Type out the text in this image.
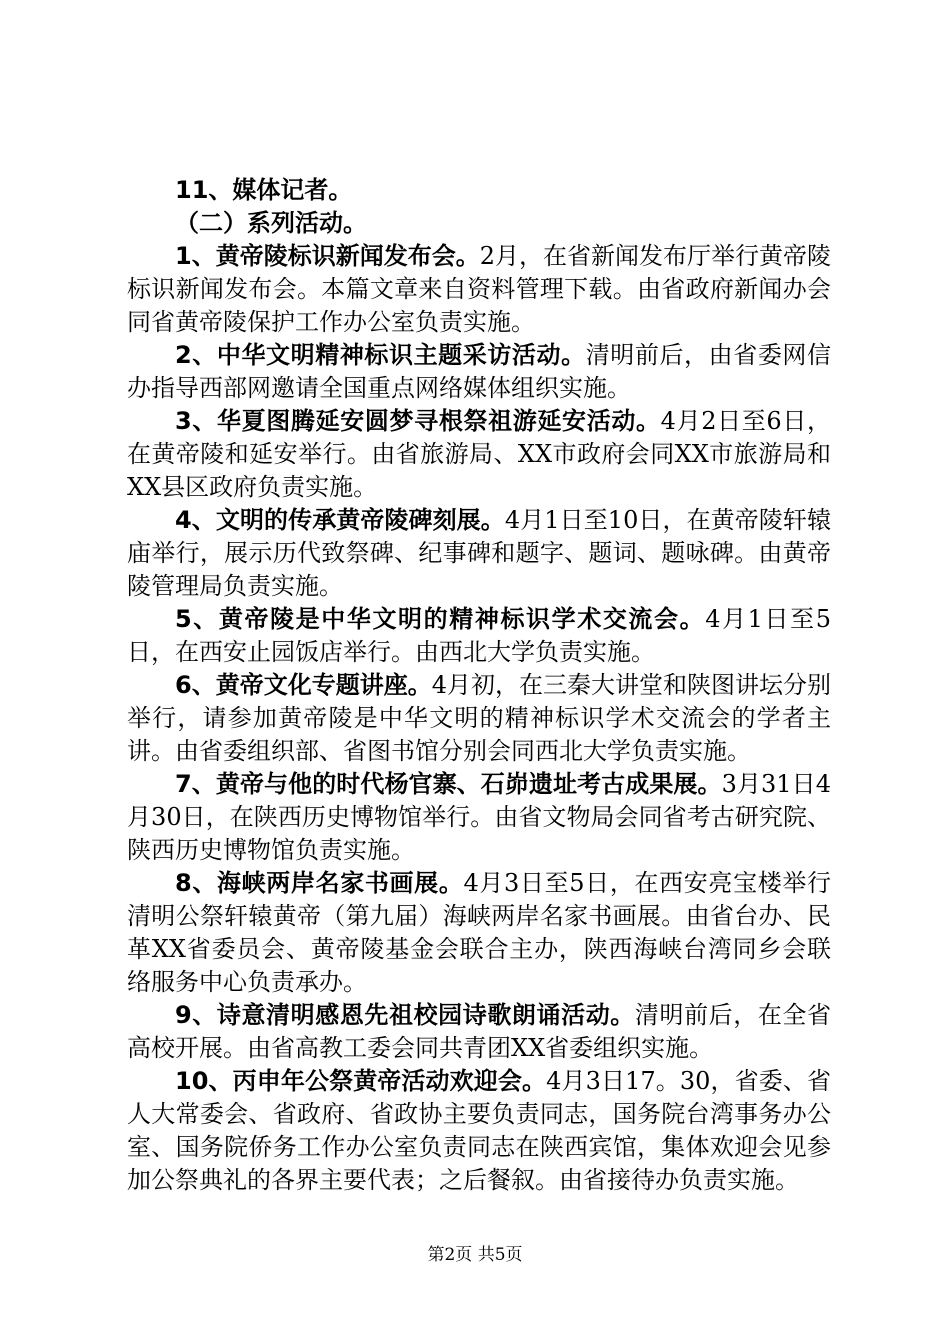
11、媒体记者。

（二）系列活动。

1、黄帝陵标识新闻发布会。2月，在省新闻发布厅举行黄帝陵标识新闻发布会。本篇文章来自资料管理下载。由省政府新闻办会同省黄帝陵保护工作办公室负责实施。

2、中华文明精神标识主题采访活动。清明前后，由省委网信办指导西部网邀请全国重点网络媒体组织实施。

3、华夏图腾延安圆梦寻根祭祖游延安活动。4月2日至6日，在黄帝陵和延安举行。由省旅游局、XX市政府会同XX市旅游局和XX县区政府负责实施。

4、文明的传承黄帝陵碑刻展。4月1日至10日，在黄帝陵轩辕庙举行，展示历代致祭碑、纪事碑和题字、题词、题咏碑。由黄帝陵管理局负责实施。

5、黄帝陵是中华文明的精神标识学术交流会。4月1日至5日，在西安止园饭店举行。由西北大学负责实施。

6、黄帝文化专题讲座。4月初，在三秦大讲堂和陕图讲坛分别举行，请参加黄帝陵是中华文明的精神标识学术交流会的学者主讲。由省委组织部、省图书馆分别会同西北大学负责实施。

7、黄帝与他的时代杨官寨、石峁遗址考古成果展。3月31日4月30日，在陕西历史博物馆举行。由省文物局会同省考古研究院、陕西历史博物馆负责实施。

8、海峡两岸名家书画展。4月3日至5日，在西安亮宝楼举行清明公祭轩辕黄帝（第九届）海峡两岸名家书画展。由省台办、民革XX省委员会、黄帝陵基金会联合主办，陕西海峡台湾同乡会联络服务中心负责承办。

9、诗意清明感恩先祖校园诗歌朗诵活动。清明前后，在全省高校开展。由省高教工委会同共青团XX省委组织实施。

10、丙申年公祭黄帝活动欢迎会。4月3日17。30，省委、省人大常委会、省政府、省政协主要负责同志，国务院台湾事务办公室、国务院侨务工作办公室负责同志在陕西宾馆，集体欢迎会见参加公祭典礼的各界主要代表；之后餐叙。由省接待办负责实施。

第2页 共5页
